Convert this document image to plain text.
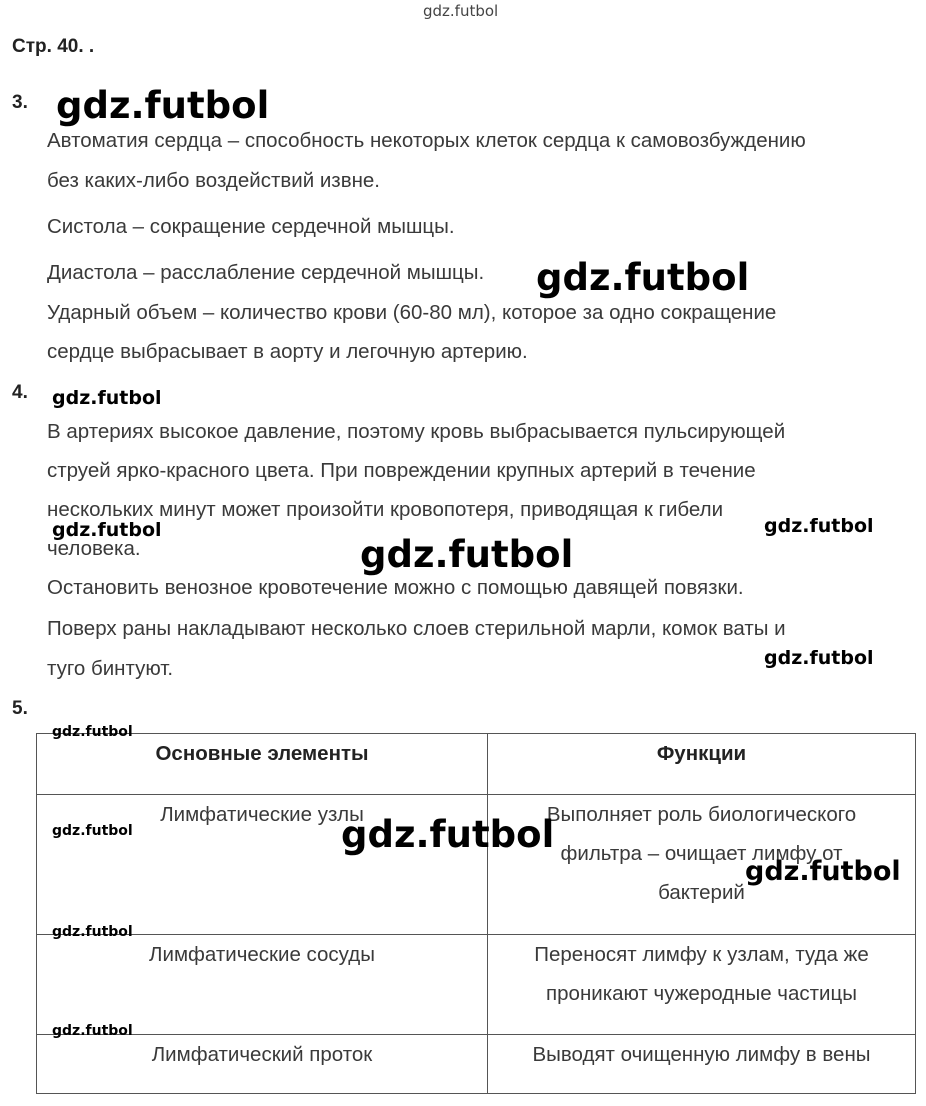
gdz.futbol
Стр. 40. .
3. gdz.futbol
Автоматия сердца – способность некоторых клеток сердца к самовозбуждению
без каких-либо воздействий извне.
Систола – сокращение сердечной мышцы.
Диастола – расслабление сердечной мышцы. gdz.futbol
Ударный объем – количество крови (60-80 мл), которое за одно сокращение
сердце выбрасывает в аорту и легочную артерию.
4. gdz.futbol
В артериях высокое давление, поэтому кровь выбрасывается пульсирующей
струей ярко-красного цвета. При повреждении крупных артерий в течение
нескольких минут может произойти кровопотеря, приводящая к гибели
gdz.futbol	gdz.futbol
человека.	gdz.futbol
Остановить венозное кровотечение можно с помощью давящей повязки.
Поверх раны накладывают несколько слоев стерильной марли, комок ваты и
туго бинтуют.	gdz.futbol
5.
Основные элементы	Функции
Лимфатические узлы	Выполняет роль биологического фильтра – очищает лимфу от бактерий
Лимфатические сосуды	Переносят лимфу к узлам, туда же проникают чужеродные частицы
Лимфатический проток	Выводят очищенную лимфу в вены
gdz.futbol
gdz.futbol	gdz.futbol
gdz.futbol
gdz.futbol
gdz.futbol
